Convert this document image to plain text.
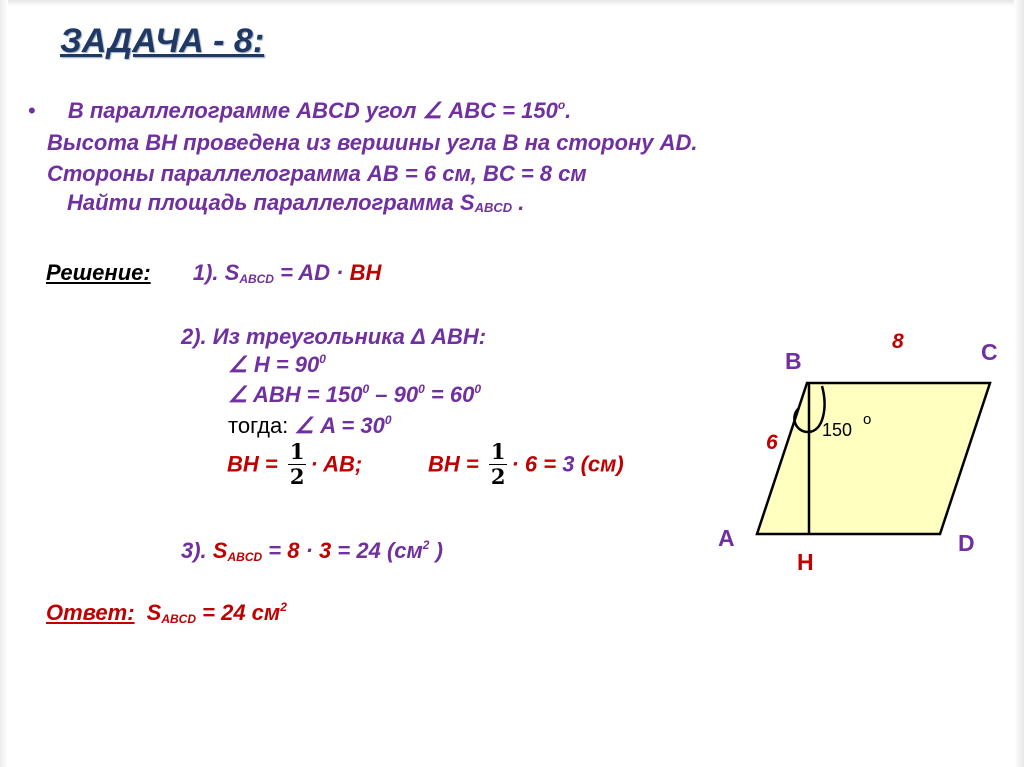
ЗАДАЧА - 8:
• В параллелограмме ABCD угол ∠ ABC = $150^о$.
Высота BH проведена из вершины угла B на сторону AD.
Стороны параллелограмма AB = 6 см, BC = 8 см
Найти площадь параллелограмма SABCD .
Решение: 1). SABCD = AD · BH
2). Из треугольника Δ ABH:
∠ $H = 90^0$
∠ ABH = $150^0 - 90^0 = 60^0$
тогда: ∠ $A = 30^0$
BH = $\frac{1}{2}$ · AB;	BH = $\frac{1}{2} \cdot 6 = 3$ (см)
3). SABCD = 8 · 3 = 24 ($см^2$ )
Ответ: SABCD = 24 $см^2$
B	C
A	D
H
8
6
150
о
